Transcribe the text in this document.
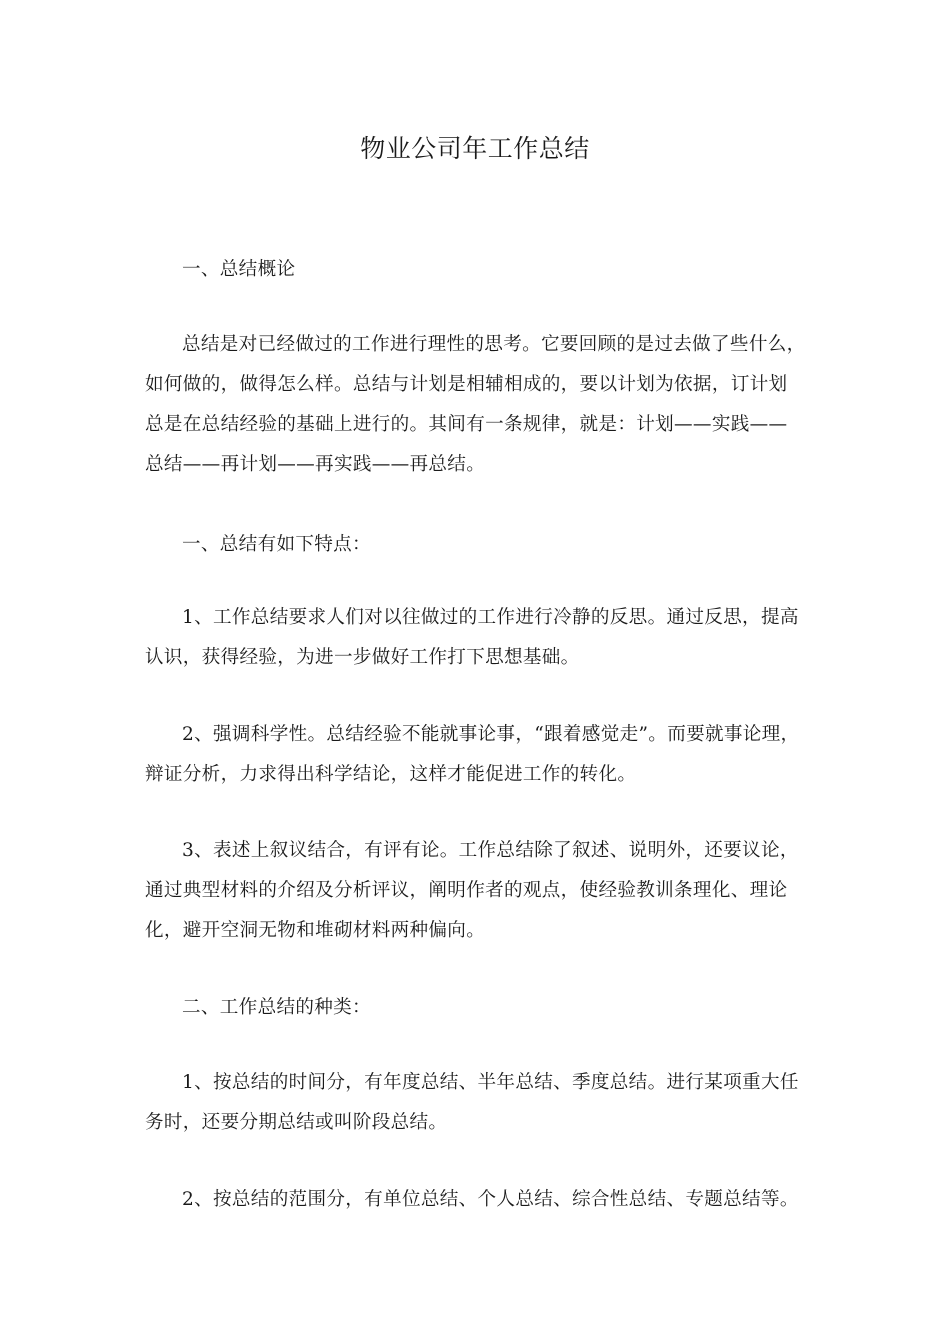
物业公司年工作总结
一、总结概论
总结是对已经做过的工作进行理性的思考。它要回顾的是过去做了些什么，
如何做的，做得怎么样。总结与计划是相辅相成的，要以计划为依据，订计划
总是在总结经验的基础上进行的。其间有一条规律，就是：计划——实践——
总结——再计划——再实践——再总结。
一、总结有如下特点：
1、工作总结要求人们对以往做过的工作进行冷静的反思。通过反思，提高
认识，获得经验，为进一步做好工作打下思想基础。
2、强调科学性。总结经验不能就事论事，“跟着感觉走”。而要就事论理，
辩证分析，力求得出科学结论，这样才能促进工作的转化。
3、表述上叙议结合，有评有论。工作总结除了叙述、说明外，还要议论，
通过典型材料的介绍及分析评议，阐明作者的观点，使经验教训条理化、理论
化，避开空洞无物和堆砌材料两种偏向。
二、工作总结的种类：
1、按总结的时间分，有年度总结、半年总结、季度总结。进行某项重大任
务时，还要分期总结或叫阶段总结。
2、按总结的范围分，有单位总结、个人总结、综合性总结、专题总结等。
